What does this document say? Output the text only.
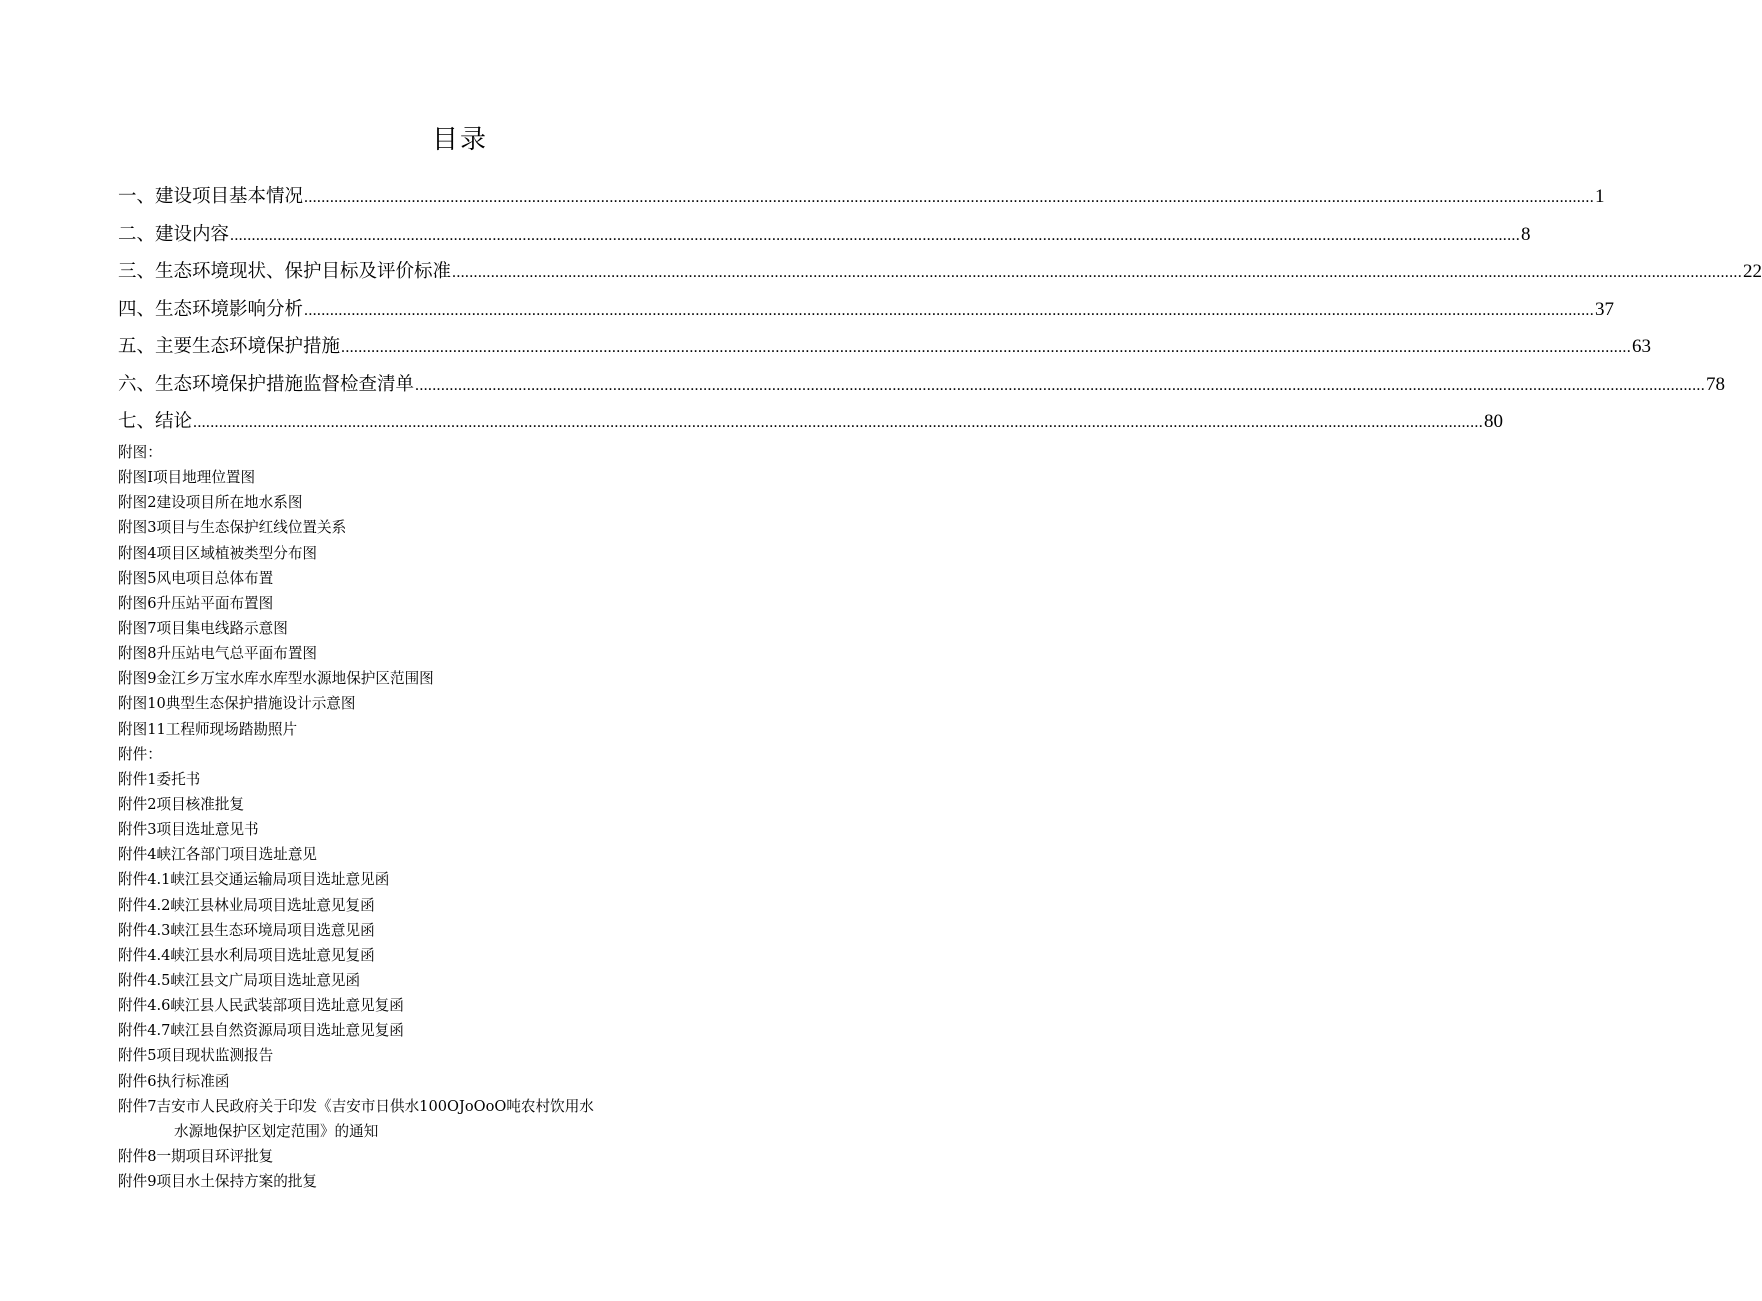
目录
一、建设项目基本情况 ............................................................................................................................................................................................................................................................................................................ 1
二、建设内容 ............................................................................................................................................................................................................................................................................................................ 8
三、生态环境现状、保护目标及评价标准 ............................................................................................................................................................................................................................................................................................................ 22
四、生态环境影响分析 ............................................................................................................................................................................................................................................................................................................ 37
五、主要生态环境保护措施 ............................................................................................................................................................................................................................................................................................................ 63
六、生态环境保护措施监督检查清单 ............................................................................................................................................................................................................................................................................................................ 78
七、结论 ............................................................................................................................................................................................................................................................................................................ 80
附图：
附图I项目地理位置图
附图2建设项目所在地水系图
附图3项目与生态保护红线位置关系
附图4项目区域植被类型分布图
附图5风电项目总体布置
附图6升压站平面布置图
附图7项目集电线路示意图
附图8升压站电气总平面布置图
附图9金江乡万宝水库水库型水源地保护区范围图
附图10典型生态保护措施设计示意图
附图11工程师现场踏勘照片
附件：
附件1委托书
附件2项目核准批复
附件3项目选址意见书
附件4峡江各部门项目选址意见
附件4.1峡江县交通运输局项目选址意见函
附件4.2峡江县林业局项目选址意见复函
附件4.3峡江县生态环境局项目选意见函
附件4.4峡江县水利局项目选址意见复函
附件4.5峡江县文广局项目选址意见函
附件4.6峡江县人民武装部项目选址意见复函
附件4.7峡江县自然资源局项目选址意见复函
附件5项目现状监测报告
附件6执行标准函
附件7吉安市人民政府关于印发《吉安市日供水100OJoOoO吨农村饮用水
水源地保护区划定范围》的通知
附件8一期项目环评批复
附件9项目水土保持方案的批复
